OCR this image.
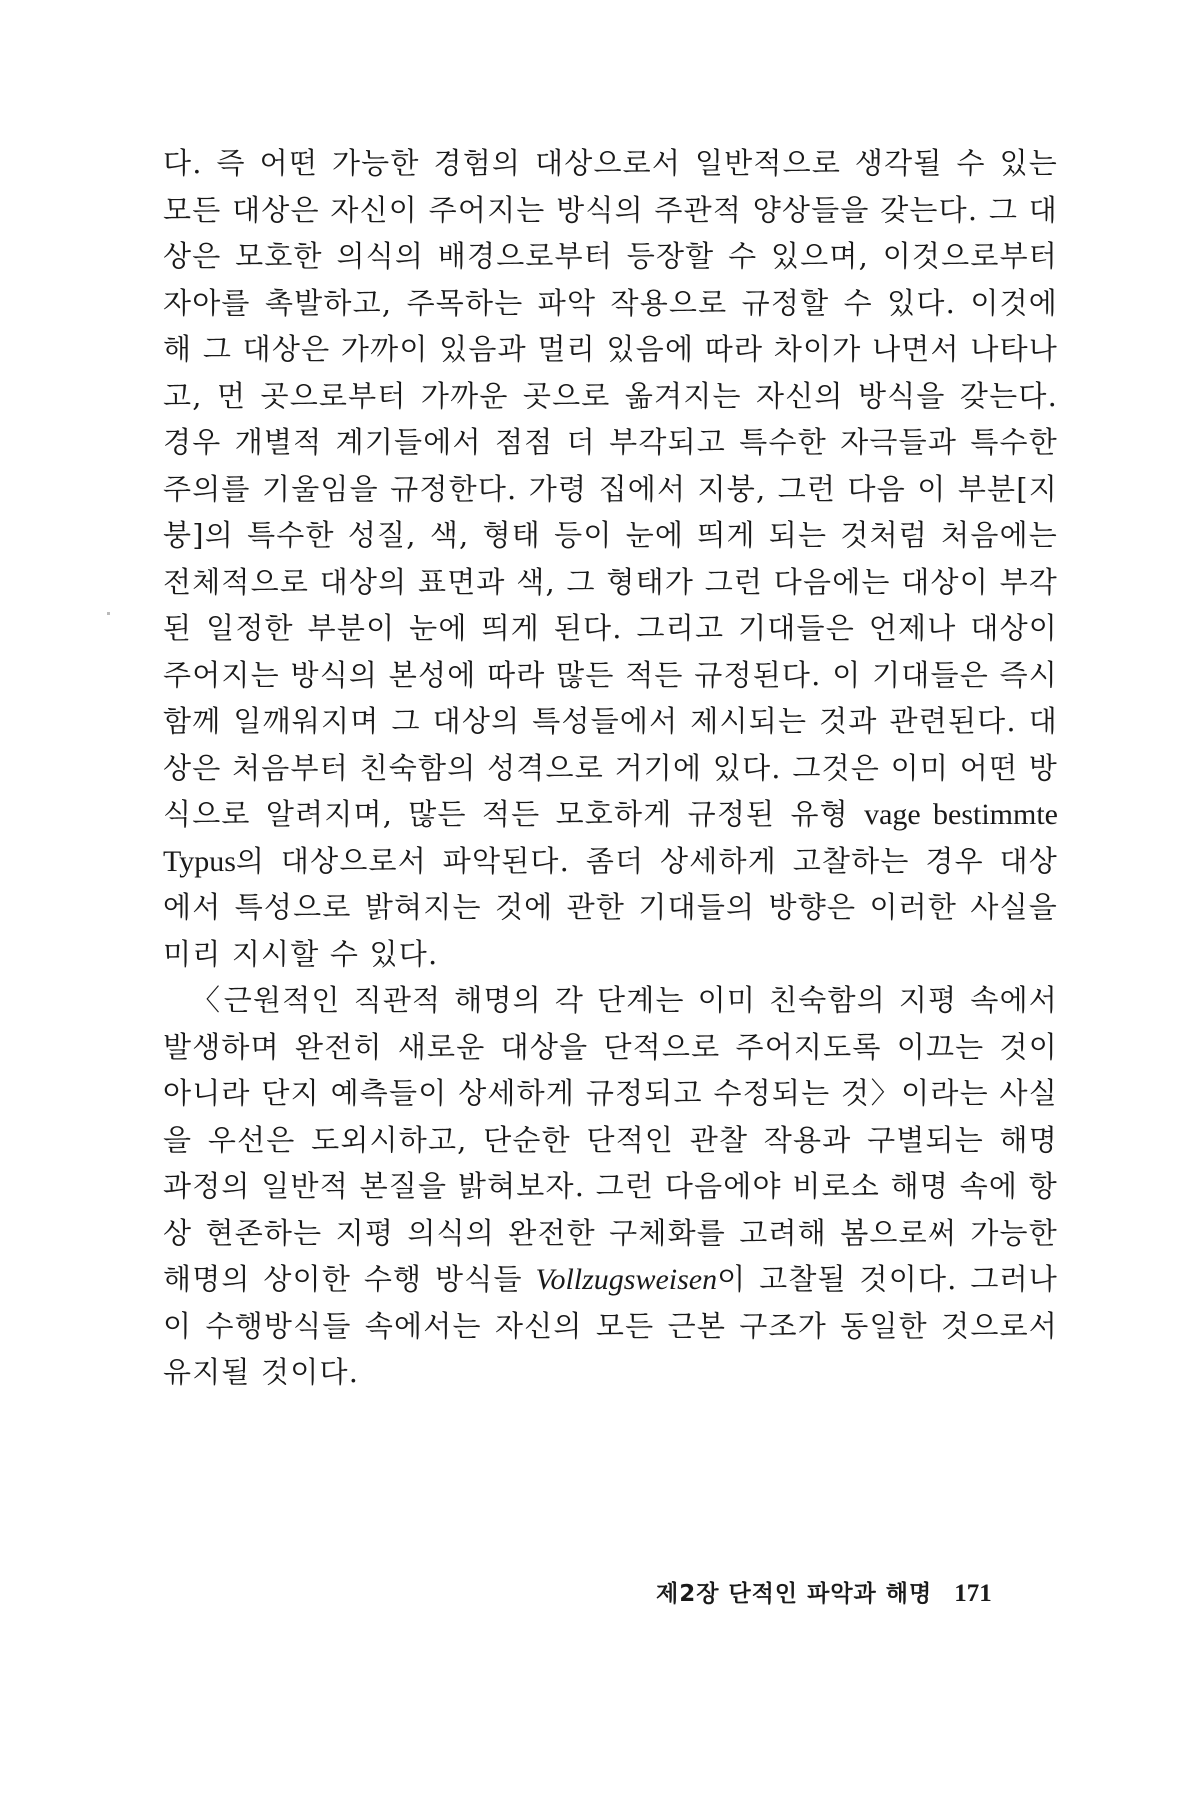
다. 즉 어떤 가능한 경험의 대상으로서 일반적으로 생각될 수 있는
모든 대상은 자신이 주어지는 방식의 주관적 양상들을 갖는다. 그 대
상은 모호한 의식의 배경으로부터 등장할 수 있으며, 이것으로부터
자아를 촉발하고, 주목하는 파악 작용으로 규정할 수 있다. 이것에
해 그 대상은 가까이 있음과 멀리 있음에 따라 차이가 나면서 나타나
고, 먼 곳으로부터 가까운 곳으로 옮겨지는 자신의 방식을 갖는다.
경우 개별적 계기들에서 점점 더 부각되고 특수한 자극들과 특수한
주의를 기울임을 규정한다. 가령 집에서 지붕, 그런 다음 이 부분[지
붕]의 특수한 성질, 색, 형태 등이 눈에 띄게 되는 것처럼 처음에는
전체적으로 대상의 표면과 색, 그 형태가 그런 다음에는 대상이 부각
된 일정한 부분이 눈에 띄게 된다. 그리고 기대들은 언제나 대상이
주어지는 방식의 본성에 따라 많든 적든 규정된다. 이 기대들은 즉시
함께 일깨워지며 그 대상의 특성들에서 제시되는 것과 관련된다. 대
상은 처음부터 친숙함의 성격으로 거기에 있다. 그것은 이미 어떤 방
식으로 알려지며, 많든 적든 모호하게 규정된 유형 vage bestimmte
Typus의 대상으로서 파악된다. 좀더 상세하게 고찰하는 경우 대상
에서 특성으로 밝혀지는 것에 관한 기대들의 방향은 이러한 사실을
미리 지시할 수 있다.
〈근원적인 직관적 해명의 각 단계는 이미 친숙함의 지평 속에서
발생하며 완전히 새로운 대상을 단적으로 주어지도록 이끄는 것이
아니라 단지 예측들이 상세하게 규정되고 수정되는 것〉이라는 사실
을 우선은 도외시하고, 단순한 단적인 관찰 작용과 구별되는 해명
과정의 일반적 본질을 밝혀보자. 그런 다음에야 비로소 해명 속에 항
상 현존하는 지평 의식의 완전한 구체화를 고려해 봄으로써 가능한
해명의 상이한 수행 방식들 Vollzugsweisen이 고찰될 것이다. 그러나
이 수행방식들 속에서는 자신의 모든 근본 구조가 동일한 것으로서
유지될 것이다.
제2장 단적인 파악과 해명 171
